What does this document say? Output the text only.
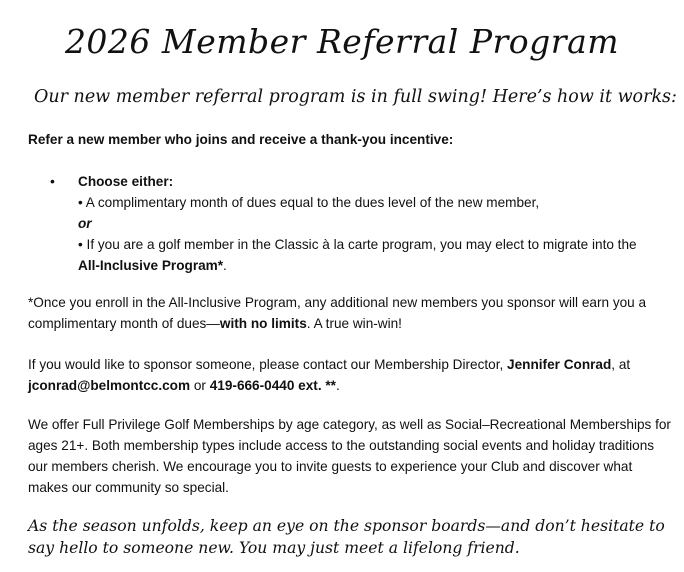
2026 Member Referral Program
Our new member referral program is in full swing! Here’s how it works:

Refer a new member who joins and receive a thank-you incentive:

• Choose either:
• A complimentary month of dues equal to the dues level of the new member,
or
• If you are a golf member in the Classic à la carte program, you may elect to migrate into the
All-Inclusive Program*.

*Once you enroll in the All-Inclusive Program, any additional new members you sponsor will earn you a complimentary month of dues—with no limits. A true win-win!

If you would like to sponsor someone, please contact our Membership Director, Jennifer Conrad, at jconrad@belmontcc.com or 419-666-0440 ext. **.

We offer Full Privilege Golf Memberships by age category, as well as Social–Recreational Memberships for ages 21+. Both membership types include access to the outstanding social events and holiday traditions our members cherish. We encourage you to invite guests to experience your Club and discover what makes our community so special.

As the season unfolds, keep an eye on the sponsor boards—and don’t hesitate to say hello to someone new. You may just meet a lifelong friend.
